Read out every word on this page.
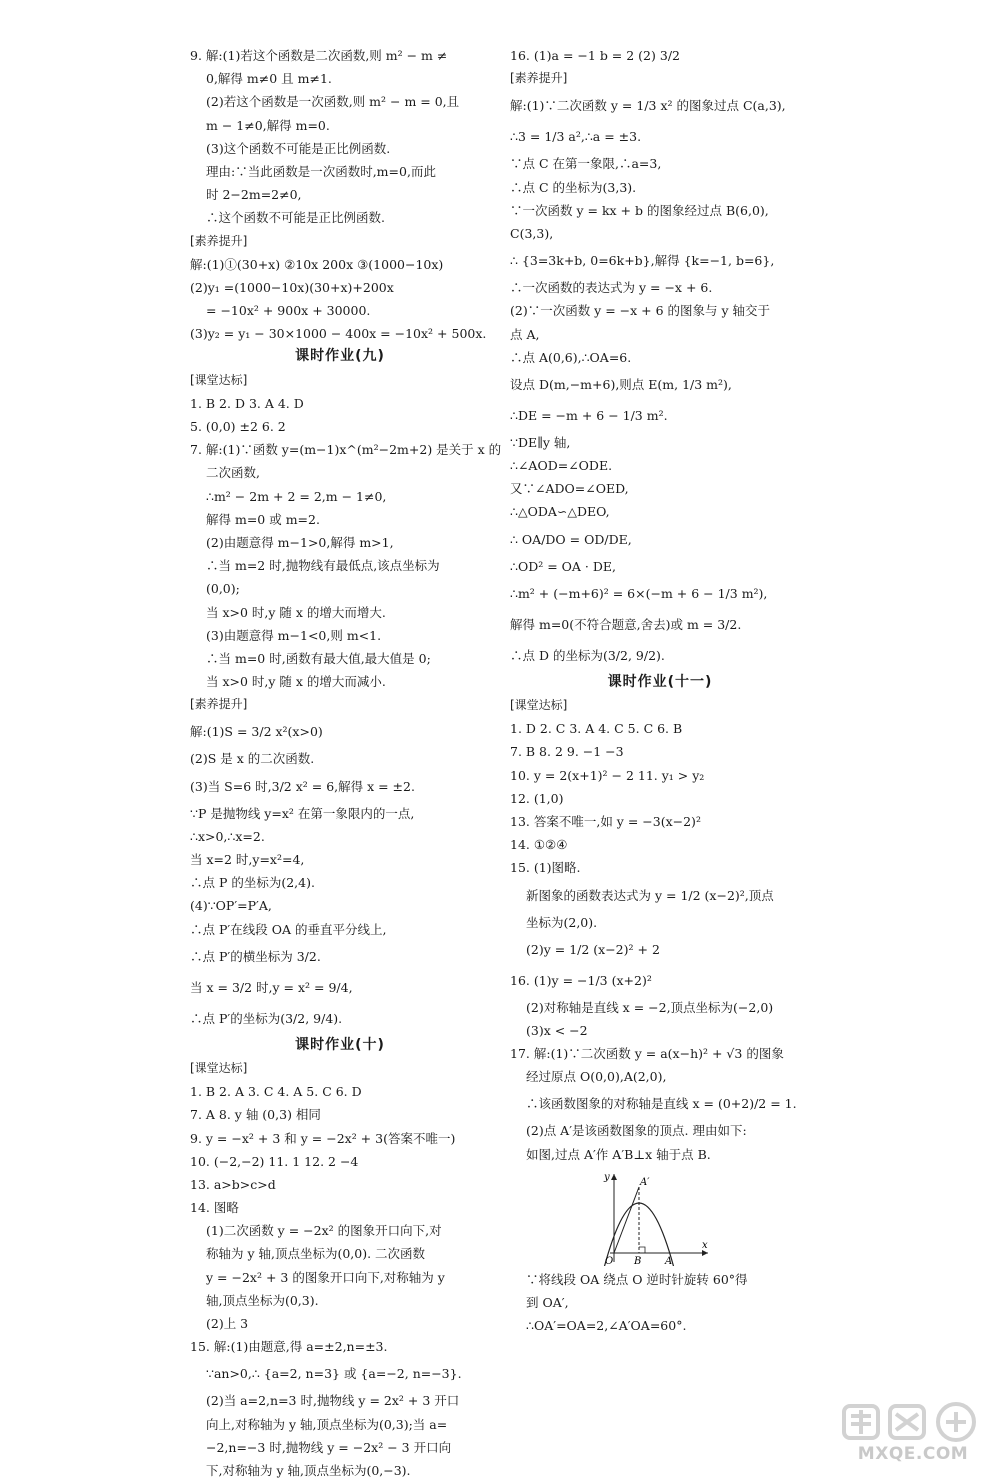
9. 解:(1)若这个函数是二次函数,则 m² − m ≠
0,解得 m≠0 且 m≠1.
(2)若这个函数是一次函数,则 m² − m = 0,且
m − 1≠0,解得 m=0.
(3)这个函数不可能是正比例函数.
理由:∵当此函数是一次函数时,m=0,而此
时 2−2m=2≠0,
∴这个函数不可能是正比例函数.
[素养提升]
解:(1)①(30+x) ②10x 200x ③(1000−10x)
(2)y₁ =(1000−10x)(30+x)+200x
= −10x² + 900x + 30000.
(3)y₂ = y₁ − 30×1000 − 400x = −10x² + 500x.
课时作业(九)
[课堂达标]
1. B 2. D 3. A 4. D
5. (0,0) ±2 6. 2
7. 解:(1)∵函数 y=(m−1)x^(m²−2m+2) 是关于 x 的
二次函数,
∴m² − 2m + 2 = 2,m − 1≠0,
解得 m=0 或 m=2.
(2)由题意得 m−1>0,解得 m>1,
∴当 m=2 时,抛物线有最低点,该点坐标为
(0,0);
当 x>0 时,y 随 x 的增大而增大.
(3)由题意得 m−1<0,则 m<1.
∴当 m=0 时,函数有最大值,最大值是 0;
当 x>0 时,y 随 x 的增大而减小.
[素养提升]
解:(1)S = 3/2 x²(x>0)
(2)S 是 x 的二次函数.
(3)当 S=6 时,3/2 x² = 6,解得 x = ±2.
∵P 是抛物线 y=x² 在第一象限内的一点,
∴x>0,∴x=2.
当 x=2 时,y=x²=4,
∴点 P 的坐标为(2,4).
(4)∵OP′=P′A,
∴点 P′在线段 OA 的垂直平分线上,
∴点 P′的横坐标为 3/2.
当 x = 3/2 时,y = x² = 9/4,
∴点 P′的坐标为(3/2, 9/4).
课时作业(十)
[课堂达标]
1. B 2. A 3. C 4. A 5. C 6. D
7. A 8. y 轴 (0,3) 相同
9. y = −x² + 3 和 y = −2x² + 3(答案不唯一)
10. (−2,−2) 11. 1 12. 2 −4
13. a>b>c>d
14. 图略
(1)二次函数 y = −2x² 的图象开口向下,对
称轴为 y 轴,顶点坐标为(0,0). 二次函数
y = −2x² + 3 的图象开口向下,对称轴为 y
轴,顶点坐标为(0,3).
(2)上 3
15. 解:(1)由题意,得 a=±2,n=±3.
∵an>0,∴ {a=2, n=3} 或 {a=−2, n=−3}.
(2)当 a=2,n=3 时,抛物线 y = 2x² + 3 开口
向上,对称轴为 y 轴,顶点坐标为(0,3);当 a=
−2,n=−3 时,抛物线 y = −2x² − 3 开口向
下,对称轴为 y 轴,顶点坐标为(0,−3).
16. (1)a = −1 b = 2 (2) 3/2
[素养提升]
解:(1)∵二次函数 y = 1/3 x² 的图象过点 C(a,3),
∴3 = 1/3 a²,∴a = ±3.
∵点 C 在第一象限,∴a=3,
∴点 C 的坐标为(3,3).
∵一次函数 y = kx + b 的图象经过点 B(6,0),
C(3,3),
∴ {3=3k+b, 0=6k+b},解得 {k=−1, b=6},
∴一次函数的表达式为 y = −x + 6.
(2)∵一次函数 y = −x + 6 的图象与 y 轴交于
点 A,
∴点 A(0,6),∴OA=6.
设点 D(m,−m+6),则点 E(m, 1/3 m²),
∴DE = −m + 6 − 1/3 m².
∵DE∥y 轴,
∴∠AOD=∠ODE.
又∵∠ADO=∠OED,
∴△ODA∽△DEO,
∴ OA/DO = OD/DE,
∴OD² = OA · DE,
∴m² + (−m+6)² = 6×(−m + 6 − 1/3 m²),
解得 m=0(不符合题意,舍去)或 m = 3/2.
∴点 D 的坐标为(3/2, 9/2).
课时作业(十一)
[课堂达标]
1. D 2. C 3. A 4. C 5. C 6. B
7. B 8. 2 9. −1 −3
10. y = 2(x+1)² − 2 11. y₁ > y₂
12. (1,0)
13. 答案不唯一,如 y = −3(x−2)²
14. ①②④
15. (1)图略.
新图象的函数表达式为 y = 1/2 (x−2)²,顶点
坐标为(2,0).
(2)y = 1/2 (x−2)² + 2
16. (1)y = −1/3 (x+2)²
(2)对称轴是直线 x = −2,顶点坐标为(−2,0)
(3)x < −2
17. 解:(1)∵二次函数 y = a(x−h)² + √3 的图象
经过原点 O(0,0),A(2,0),
∴该函数图象的对称轴是直线 x = (0+2)/2 = 1.
(2)点 A′是该函数图象的顶点. 理由如下:
如图,过点 A′作 A′B⊥x 轴于点 B.
y
x
O B A
A′
∵将线段 OA 绕点 O 逆时针旋转 60°得
到 OA′,
∴OA′=OA=2,∠A′OA=60°.
MXQE.COM
